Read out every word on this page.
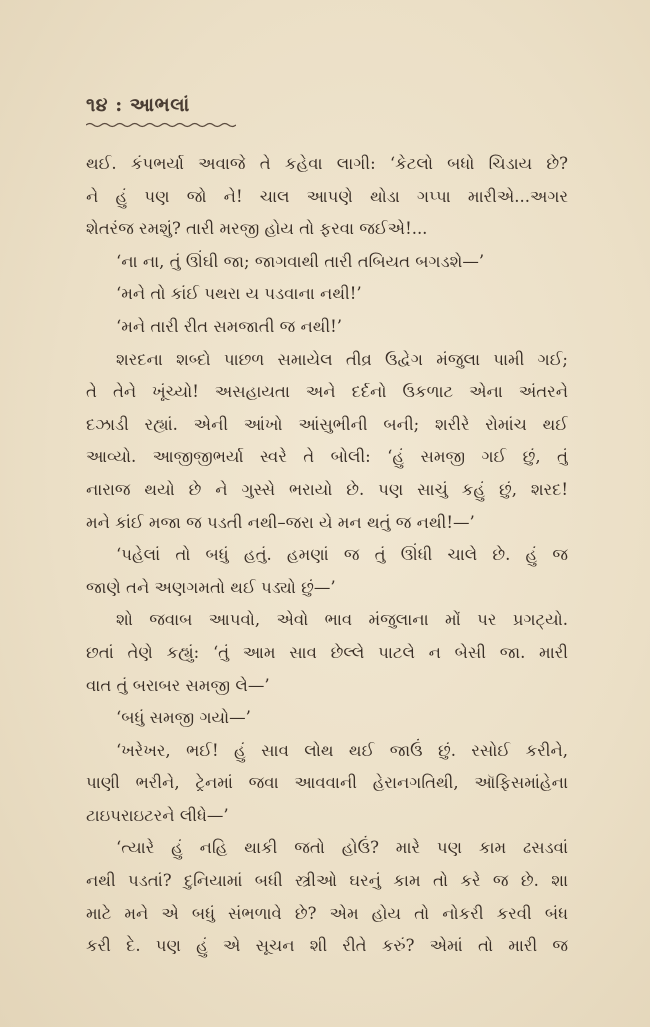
૧૪ : આભલાં
થઈ. કંપભર્યા અવાજે તે કહેવા લાગી: ‘કેટલો બધો ચિડાય છે?
ને હું પણ જો ને! ચાલ આપણે થોડા ગપ્પા મારીએ...અગર
શેતરંજ રમશું? તારી મરજી હોય તો ફરવા જઈએ!...
‘ના ના, તું ઊંઘી જા; જાગવાથી તારી તબિયત બગડશે—’
‘મને તો કાંઈ પથરા ય પડવાના નથી!’
‘મને તારી રીત સમજાતી જ નથી!’
શરદના શબ્દો પાછળ સમાયેલ તીવ્ર ઉદ્વેગ મંજુલા પામી ગઈ;
તે તેને ખૂંચ્યો! અસહાયતા અને દર્દનો ઉકળાટ એના અંતરને
દઝાડી રહ્યાં. એની આંખો આંસુભીની બની; શરીરે રોમાંચ થઈ
આવ્યો. આજીજીભર્યા સ્વરે તે બોલી: ‘હું સમજી ગઈ છું, તું
નારાજ થયો છે ને ગુસ્સે ભરાયો છે. પણ સાચું કહું છું, શરદ!
મને કાંઈ મજા જ પડતી નથી–જરા યે મન થતું જ નથી!—’
‘પહેલાં તો બધું હતું. હમણાં જ તું ઊંધી ચાલે છે. હું જ
જાણે તને અણગમતો થઈ પડ્યો છું—’
શો જવાબ આપવો, એવો ભાવ મંજુલાના મોં પર પ્રગટ્યો.
છતાં તેણે કહ્યું: ‘તું આમ સાવ છેલ્લે પાટલે ન બેસી જા. મારી
વાત તું બરાબર સમજી લે—’
‘બધું સમજી ગયો—’
‘ખરેખર, ભઈ! હું સાવ લોથ થઈ જાઉં છું. રસોઈ કરીને,
પાણી ભરીને, ટ્રેનમાં જવા આવવાની હેરાનગતિથી, ઑફિસમાંહેના
ટાઇપરાઇટરને લીધે—’
‘ત્યારે હું નહિ થાકી જતો હોઉં? મારે પણ કામ ઢસડવાં
નથી પડતાં? દુનિયામાં બધી સ્ત્રીઓ ઘરનું કામ તો કરે જ છે. શા
માટે મને એ બધું સંભળાવે છે? એમ હોય તો નોકરી કરવી બંધ
કરી દે. પણ હું એ સૂચન શી રીતે કરું? એમાં તો મારી જ
